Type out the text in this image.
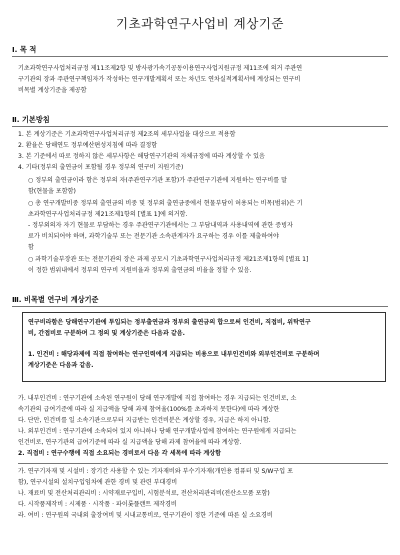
기초과학연구사업비 계상기준
Ⅰ. 목 적
기초과학연구사업처리규정 제11조제2항 및 방사광가속기공동이용연구사업지원규정 제11조에 의거 주관연
구기관의 장과 주관연구책임자가 작성하는 연구개발계획서 또는 차년도 연차실적계획서에 계상되는 연구비
비목별 계상기준을 제공함
Ⅱ. 기본방침
1. 본 계상기준은 기초과학연구사업처리규정 제2조의 세부사업을 대상으로 적용함
2. 환율은 당해연도 정부예산편성지침에 따라 결정함
3. 본 기준에서 따로 정하지 않은 세부사항은 해당연구기관의 자체규정에 따라 계상할 수 있음
4. 기타(정부의 출연금이 포함될 경우 정부의 연구비 지원기준)
○ 정부의 출연금이라 함은 정부의 자(주관연구기관 포함)가 주관연구기관에 지원하는 연구비를 말
함(현물을 포함함)
○ 총 연구개발비중 정부의 출연금의 비중 및 정부외 출연금중에서 현물부담이 허용되는 비목(범위)은 기
초과학연구사업처리규정 제21조제1항의 [별표 1]에 의거함.
- 정부외의자 자기 현물로 부담하는 경우 주관연구기관에서는 그 부담내역과 사용내역에 관한 증빙자
료가 비치되어야 하며, 과학기술부 또는 전문기관 소속관계자가 요구하는 경우 이를 제출하여야
함
○ 과학기술부장관 또는 전문기관의 장은 과제 공모시 기초과학연구사업처리규정 제21조제1항의 [별표 1]
이 정한 범위내에서 정부의 연구비 지원비율과 정부외 출연금의 비율을 정할 수 있음.
Ⅲ. 비목별 연구비 계상기준
연구비라함은 당해연구기관에 투입되는 정부출연금과 정부외 출연금의 합으로써 인건비, 직접비, 위탁연구
비, 간접비로 구분하며 그 정의 및 계상기준은 다음과 같음.
1. 인건비 : 해당과제에 직접 참여하는 연구인력에게 지급되는 비용으로 내부인건비와 외부인건비로 구분하며
계상기준은 다음과 같음.
가. 내부인건비 : 연구기관에 소속된 연구원이 당해 연구개발에 직접 참여하는 경우 지급되는 인건비로, 소
속기관의 급여기준에 따라 실 지급액을 당해 과제 참여율(100%를 초과하지 못한다)에 따라 계상한
다. 단만, 인건비를 일 소속기관으로부터 지급받는 인건비분은 계상할 경우, 지급은 하지 아니함.
나. 외부인건비 : 연구기관에 소속되어 있지 아니하나 당해 연구개발사업에 참여하는 연구원에게 지급되는
인건비로, 연구기관의 급여기준에 따라 실 지급액을 당해 과제 참여율에 따라 계상함.
2. 직접비 : 연구수행에 직접 소요되는 경비로서 다음 각 세목에 따라 계상함
가. 연구기자재 및 시설비 : 장기간 사용할 수 있는 기자재비와 부수기자재(개인용 컴퓨터 및 S/W구입 포
함), 연구시설의 설치구입임차에 관한 경비 및 관련 부대경비
나. 재료비 및 전산처리관리비 : 시약재료구입비, 시험분석료, 전산처리관리비(전산소모품 포함)
다. 시작품제작비 : 시제품 · 시작품 · 파이롯플랜트 제작경비
라. 여비 : 연구원의 국내외 출장여비 및 시내교통비로, 연구기관이 정한 기준에 따른 실 소요경비
